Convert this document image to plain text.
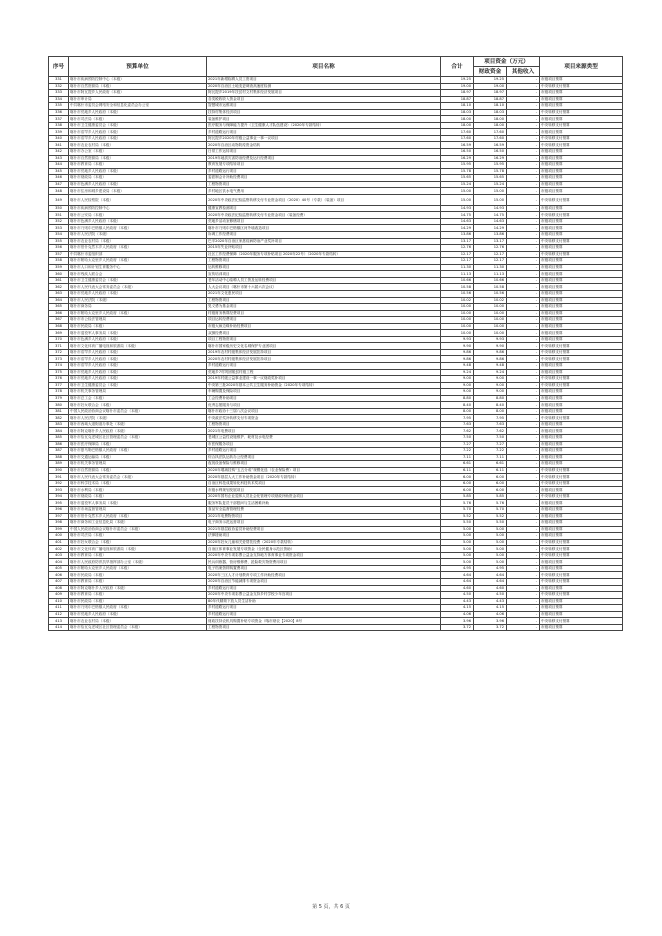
序号	预算单位	项目名称	合计	项目资金（万元）		项目来源类型
				财政资金	其他收入	
331	喀什市疾病预防控制中心（本级）	2021年新增临聘人员工资项目	19.25	19.25	-	市级项目预算
332	喀什市自然资源局（本级）	2020年自治区土地变更调查高速度检测	19.00	19.00	-	中央转移支付预算
333	喀什市阿瓦提乡人民政府（本级）	阿瓦提乡2019年扶贫村文村集体经济发展项目	18.97	18.97	-	市级项目预算
334	喀什市审计局	各类税收收入资金项目	18.87	18.87	-	市级项目预算
335	中共喀什市委员会网络安全和信息化委员会办公室	智慧城市运维项目	18.10	18.10	-	市级项目预算
336	喀什市荒地乡人民政府（本级）	扶持村集体经济项目	18.03	18.03	-	中央转移支付预算
337	喀什市司法局（本级）	装备维护项目	18.00	18.00	-	市级项目预算
338	喀什市卫生健康委员会（本级）	医疗服务与保障能力提升（卫生健康人才队伍建设）（2020年专款结转）	18.00	18.00	-	中央转移支付预算
339	喀什市浩罕乡人民政府（本级）	乡村道路运行项目	17.60	17.60	-	市级项目预算
340	喀什市浩罕乡人民政府（本级）	阿瓦提乡2020年村级公益事业一事一议项目	17.60	17.60	-	中央转移支付预算
341	喀什市农业农村局（本级）	2020年自治区动物防疫资金结转	16.59	16.59	-	中央转移支付预算
342	喀什市办公室（本级）	日常工作运转项目	16.50	16.50	-	市级项目预算
343	喀什市自然资源局（本级）	2019年地质灾害防治经费及运行经费项目	16.29	16.29	-	市级项目预算
344	喀什市教育局（本级）	教育发展专项结转项目	15.95	15.95	-	市级项目预算
345	喀什市荒地乡人民政府（本级）	乡村道路运行项目	15.78	15.78	-	市级项目预算
346	喀什市财政局（本级）	委派制会计补助经费项目	15.65	15.65	-	市级项目预算
347	喀什市色满乡人民政府（本级）	工程物资项目	15.24	15.24	-	市级项目预算
348	喀什市住房和城乡建设局（本级）	乡村地区饮水电气费用	15.00	15.00	-	市级项目预算
349	喀什市人民检察院（本级）	2020年中央政法纪检监察转移支付专业资金项目（2020）40号（专款）（装备）项目	15.00	15.00	-	中央转移支付预算
350	喀什市疾病预防控制中心	健康宣教检测项目	14.93	14.93	-	市级项目预算
351	喀什市公安局（本级）	2020年中央政法纪检监察转移支付专业资金项目（装备经费）	14.75	14.75	-	中央转移支付预算
352	喀什市色满乡人民政府（本级）	荒地乡活动室修缮项目	14.63	14.63	-	市级项目预算
353	喀什市乃则尔巴格镇人民政府（本级）	喀什市乃则尔巴格镇区河外墙改造项目	14.29	14.29	-	市级项目预算
354	喀什市人民法院（本级）	诉调工作经费项目	13.86	13.86	-	市级项目预算
355	喀什市农业农村局（本级）	巴辛2020年自治区家禽疫病防治产业奖补项目	13.17	13.17	-	中央转移支付预算
356	喀什市伯什克然木乡人民政府（本级）	2015年失业补贴项目	12.76	12.76	-	市级项目预算
357	中共喀什市委组织部	社区工作经费保障（2020年服务专项补贴项目 2020年22号）（2020年专款结转）	12.17	12.17	-	中央转移支付预算
358	喀什市帕哈太克里乡人民政府（本级）	工程物资项目	12.17	12.17	-	市级项目预算
359	喀什市人口和计划生育服务中心	运转维修项目	11.30	11.30	-	市级项目预算
360	喀什市残疾人联合会	宣传培训项目	11.13	11.13	-	市级项目预算
361	喀什市卫生健康委员会（本级）	老年活动中心临聘人员工资及运转经费项目	10.66	10.66	-	市级项目预算
362	喀什市人民代表大会常务委员会（本级）	人大会议项目（喀什市第十六届六次会议）	10.58	10.58	-	市级项目预算
363	喀什市荒地乡人民政府（本级）	2021年文化惠民项目	10.56	10.56	-	市级项目预算
364	喀什市人民法院（本级）	工程物资项目	10.02	10.02	-	市级项目预算
365	喀什市商务局	见义勇为基金项目	10.00	10.00	-	市级项目预算
366	喀什市帕哈太克里乡人民政府（本级）	村级财务核算经费项目	10.00	10.00	-	市级项目预算
367	喀什市市公检法管理局	项目运转经费项目	10.00	10.00	-	市级项目预算
368	喀什市民政局（本级）	市级大病边缘补助经费项目	10.00	10.00	-	市级项目预算
369	喀什市退役军人事务局（本级）	双拥经费项目	10.00	10.00	-	市级项目预算
370	喀什市色满乡人民政府（本级）	项目工程物资项目	9.93	9.93	-	市级项目预算
371	喀什市文化体育广播电视和旅游局（本级）	喀什市国家级历史文化名城保护专业团项目	9.90	9.90	-	中央转移支付预算
372	喀什市浩罕乡人民政府（本级）	2019年农村村级集体经济发展扶持项目	9.86	9.86	-	中央转移支付预算
373	喀什市浩罕乡人民政府（本级）	2020年农村村级集体经济发展扶持项目	9.86	9.86	-	中央转移支付预算
374	喀什市浩罕乡人民政府（本级）	乡村道路运行项目	9.48	9.48	-	市级项目预算
375	喀什市荒地乡人民政府（本级）	荒地乡7村巩固脱贫村级工程	9.24	9.24	-	市级项目预算
376	喀什市荒地乡人民政府（本级）	2019年村级公益事业建设一事一议财政奖补项目	9.00	9.00	-	中央转移支付预算
377	喀什市卫生健康委员会（本级）	中央第三批2020年基本公共卫生服务补助资金（2020年专项结转）	9.00	9.00	-	中央转移支付预算
378	喀什市机关事务管理局	车辆购置及保险项目	9.00	9.00	-	市级项目预算
379	喀什市总工会（本级）	工会经费补助项目	8.80	8.80	-	市级项目预算
380	喀什市妇女联合会（本级）	优秀志愿服务与项目	8.40	8.40	-	市级项目预算
381	中国人民政治协商会议喀什市委员会（本级）	喀什市政协十三届八次会议项目	8.00	8.00	-	市级项目预算
382	喀什市人民法院（本级）	中央政法奖补转移支付专项资金	7.95	7.95	-	中央转移支付预算
383	喀什市西域大道街道办事处（本级）	工程物资项目	7.63	7.63	-	市级项目预算
384	喀什市阿克喀什乡人民政府（本级）	2021年电费项目	7.62	7.62	-	市级项目预算
385	喀什市恰瓦克老城区社区管理委员会（本级）	老城区公益性设施维护、耗材及水电经费	7.50	7.50	-	市级项目预算
386	喀什市医疗保障局（本级）	市医保服务项目	7.27	7.27	-	市级项目预算
387	喀什市夏马勒巴格镇人民政府（本级）	乡村道路运行项目	7.22	7.22	-	市级项目预算
388	喀什市交通运输局（本级）	综合执法队运转办公经费项目	7.11	7.11	-	市级项目预算
389	喀什市机关事务管理局	夜视设备保险与维修项目	6.61	6.61	-	市级项目预算
390	喀什市自然资源局（本级）	2020年增减挂钩“五五分成”规模化选（农业保险费）项目	6.11	6.11	-	中央转移支付预算
391	喀什市人民代表大会常务委员会（本级）	2020年基层人大工作补助资金项目（2020年专款结转）	6.00	6.00	-	中央转移支付预算
392	喀什市科学技术局（本级）	自治区科技成果转化科技转术奖项目	6.00	6.00	-	中央转移支付预算
393	喀什市水利局（本级）	市级水利规划发展项目	6.00	6.00	-	市级项目预算
394	喀什市财政局（本级）	2020年国有企业退休人员社会化管理专项财政补助资金项目	5.85	5.85	-	中央转移支付预算
395	喀什市退役军人事务局（本级）	服务军队复员干部慰问与生活困难补助	5.76	5.76	-	市级项目预算
396	喀什市市场监督管理局	食品安全监督管理经费	5.70	5.70	-	市级项目预算
397	喀什市伯什克然木乡人民政府（本级）	2021年电费物资项目	5.52	5.52	-	市级项目预算
398	喀什市商务和工业信息化局（本级）	电子商务示范运营项目	5.50	5.50	-	市级项目预算
399	中国人民政治协商会议喀什市委员会（本级）	2021年基层政协委员补助经费项目	5.00	5.00	-	市级项目预算
400	喀什市司法局（本级）	法律援助项目	5.00	5.00	-	市级项目预算
401	喀什市妇女联合会（本级）	2020年妇女儿童和关爱帮扶经费（2020年专款结转）	5.00	5.00	-	中央转移支付预算
402	喀什市文化体育广播电视和旅游局（本级）	自治区体育事业发展专项资金（全民健身示范区资助）	5.00	5.00	-	中央转移支付预算
403	喀什市教育局（本级）	2020年中央专项彩票公益金支持地方体育事业专项资金项目	5.00	5.00	-	中央转移支付预算
404	喀什市人民政府防汛抗旱指挥部办公室（本级）	民兵训练器、营房维修费、抢险救灾物资费用项目	5.00	5.00	-	市级项目预算
405	喀什市帕哈太克里乡人民政府（本级）	电子档案资料购置费项目	4.95	4.95	-	市级项目预算
406	喀什市民政局（本级）	2020年三区人才计划教育专项工作补助经费项目	4.64	4.64	-	中央转移支付预算
407	喀什市教育局（本级）	2020年自治区节能减排专项资金项目	4.64	4.64	-	中央转移支付预算
408	喀什市阿克喀什乡人民政府（本级）	乡村道路运行项目	4.60	4.60	-	市级项目预算
409	喀什市教育局（本级）	2020年中央专项彩票公益金支持乡村学校少年宫项目	4.50	4.50	-	中央转移支付预算
410	喀什市民政局（本级）	80年代精简下放人员生活补助	4.43	4.43	-	市级项目预算
411	喀什市乃则尔巴格镇人民政府（本级）	乡村道路运行项目	4.15	4.15	-	市级项目预算
412	喀什市荒地乡人民政府（本级）	乡村道路运行项目	4.06	4.06	-	市级项目预算
413	喀什市农业农村局（本级）	财政扶持农机具购置补贴专项资金（喀市财农【2020】8号	3.96	3.96	-	中央转移支付预算
414	喀什市恰瓦克老城区社区管理委员会（本级）	工程物资项目	3.72	3.72	-	市级项目预算
第 5 页，共 6 页
